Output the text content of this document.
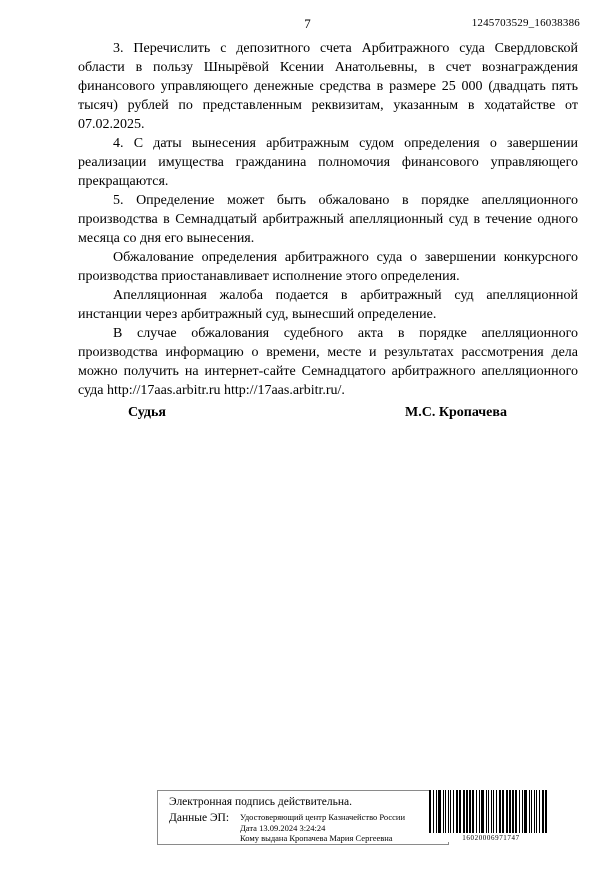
7	1245703529_16038386

3. Перечислить с депозитного счета Арбитражного суда Свердловской области в пользу Шнырёвой Ксении Анатольевны, в счет вознаграждения финансового управляющего денежные средства в размере 25 000 (двадцать пять тысяч) рублей по представленным реквизитам, указанным в ходатайстве от 07.02.2025.

4. С даты вынесения арбитражным судом определения о завершении реализации имущества гражданина полномочия финансового управляющего прекращаются.

5. Определение может быть обжаловано в порядке апелляционного производства в Семнадцатый арбитражный апелляционный суд в течение одного месяца со дня его вынесения.

Обжалование определения арбитражного суда о завершении конкурсного производства приостанавливает исполнение этого определения.

Апелляционная жалоба подается в арбитражный суд апелляционной инстанции через арбитражный суд, вынесший определение.

В случае обжалования судебного акта в порядке апелляционного производства информацию о времени, месте и результатах рассмотрения дела можно получить на интернет-сайте Семнадцатого арбитражного апелляционного суда http://17aas.arbitr.ru http://17aas.arbitr.ru/.

Судья	М.С. Кропачева
Электронная подпись действительна.
Данные ЭП: Удостоверяющий центр Казначейство России
Дата 13.09.2024 3:24:24
Кому выдана Кропачева Мария Сергеевна	16020006971747
